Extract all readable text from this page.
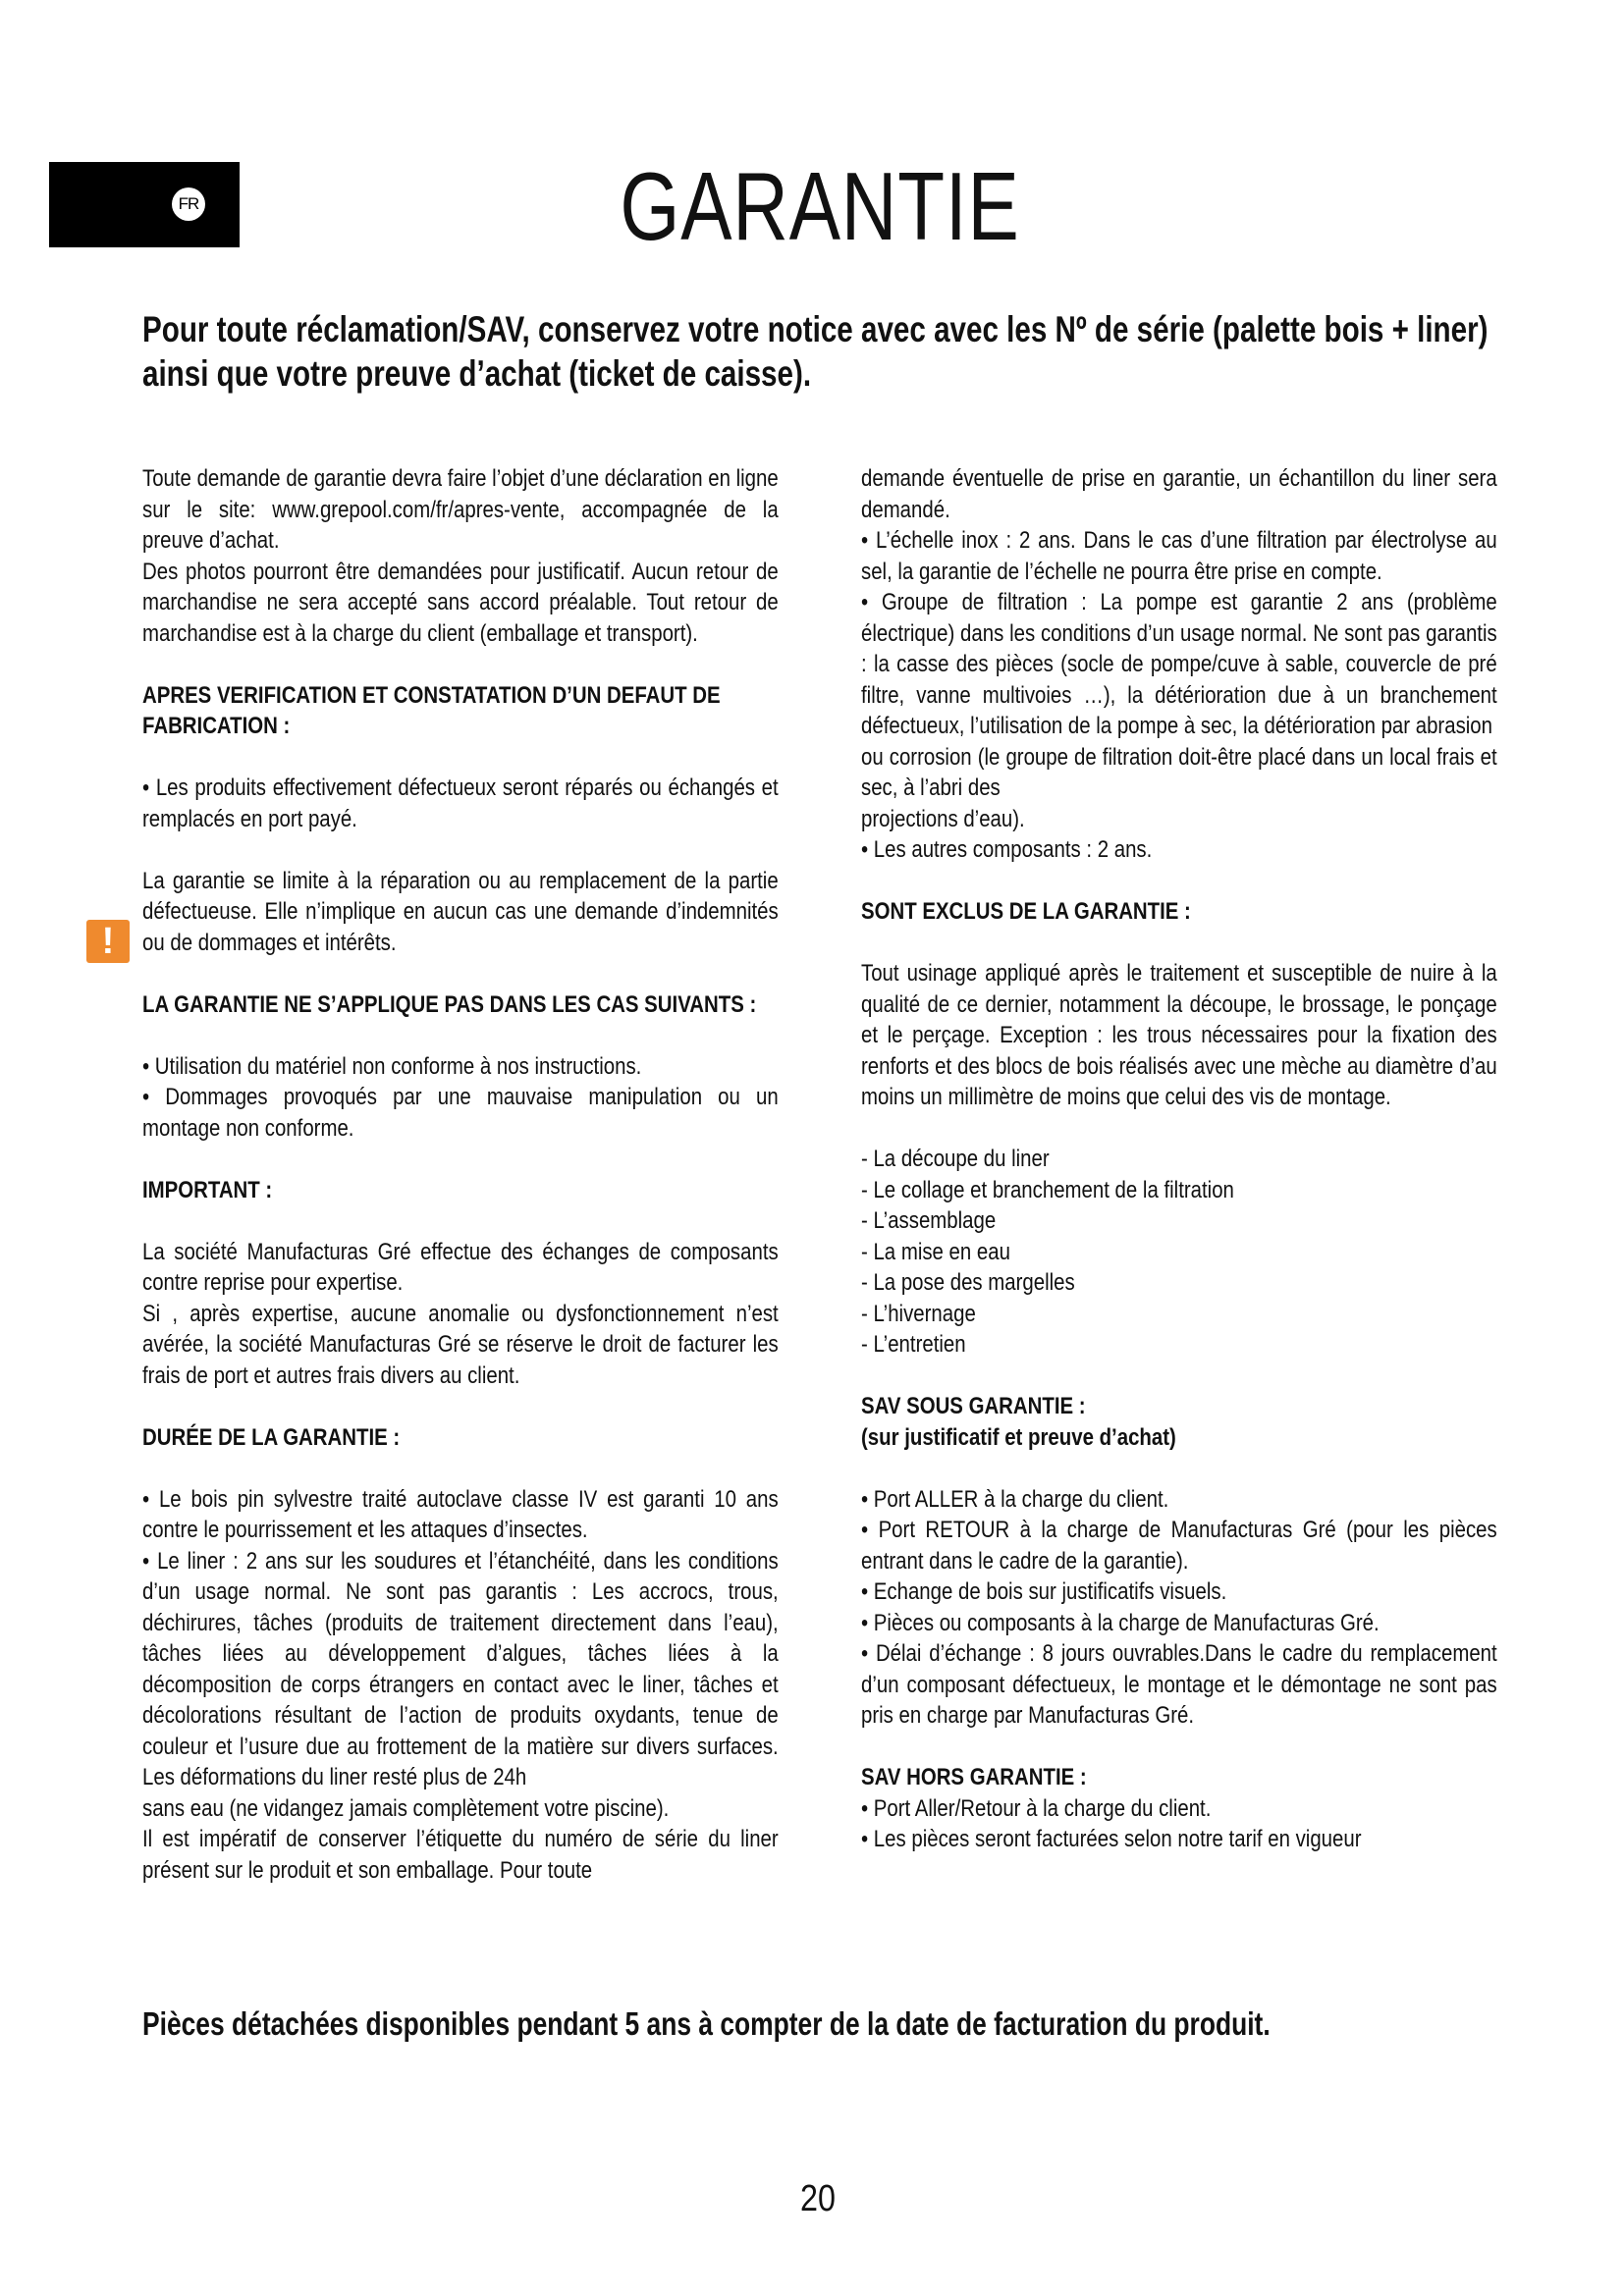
FR	GARANTIE
Pour toute réclamation/SAV, conservez votre notice avec avec les Nº de série (palette bois + liner) ainsi que votre preuve d’achat (ticket de caisse).
!

Toute demande de garantie devra faire l’objet d’une déclaration en ligne sur le site: www.grepool.com/fr/apres-vente, accompagnée de la preuve d’achat.

Des photos pourront être demandées pour justificatif. Aucun retour de marchandise ne sera accepté sans accord préalable. Tout retour de marchandise est à la charge du client (emballage et transport).

APRES VERIFICATION ET CONSTATATION D’UN DEFAUT DE FABRICATION :

• Les produits effectivement défectueux seront réparés ou échangés et remplacés en port payé.

La garantie se limite à la réparation ou au remplacement de la partie défectueuse. Elle n’implique en aucun cas une demande d’indemnités ou de dommages et intérêts.

LA GARANTIE NE S’APPLIQUE PAS DANS LES CAS SUIVANTS :

• Utilisation du matériel non conforme à nos instructions.

• Dommages provoqués par une mauvaise manipulation ou un montage non conforme.

IMPORTANT :

La société Manufacturas Gré effectue des échanges de composants contre reprise pour expertise.

Si , après expertise, aucune anomalie ou dysfonctionnement n’est avérée, la société Manufacturas Gré se réserve le droit de facturer les frais de port et autres frais divers au client.

DURÉE DE LA GARANTIE :

• Le bois pin sylvestre traité autoclave classe IV est garanti 10 ans contre le pourrissement et les attaques d’insectes.

• Le liner : 2 ans sur les soudures et l’étanchéité, dans les conditions d’un usage normal. Ne sont pas garantis : Les accrocs, trous, déchirures, tâches (produits de traitement directement dans l’eau), tâches liées au développement d’algues, tâches liées à la décomposition de corps étrangers en contact avec le liner, tâches et décolorations résultant de l’action de produits oxydants, tenue de couleur et l’usure due au frottement de la matière sur divers surfaces. Les déformations du liner resté plus de 24h
sans eau (ne vidangez jamais complètement votre piscine).

Il est impératif de conserver l’étiquette du numéro de série du liner présent sur le produit et son emballage. Pour toute

demande éventuelle de prise en garantie, un échantillon du liner sera demandé.

• L’échelle inox : 2 ans. Dans le cas d’une filtration par électrolyse au sel, la garantie de l’échelle ne pourra être prise en compte.

• Groupe de filtration : La pompe est garantie 2 ans (problème électrique) dans les conditions d’un usage normal. Ne sont pas garantis : la casse des pièces (socle de pompe/cuve à sable, couvercle de pré filtre, vanne multivoies …), la détérioration due à un branchement défectueux, l’utilisation de la pompe à sec, la détérioration par abrasion
ou corrosion (le groupe de filtration doit-être placé dans un local frais et sec, à l’abri des
projections d’eau).

• Les autres composants : 2 ans.

SONT EXCLUS DE LA GARANTIE :

Tout usinage appliqué après le traitement et susceptible de nuire à la qualité de ce dernier, notamment la découpe, le brossage, le ponçage et le perçage. Exception : les trous nécessaires pour la fixation des renforts et des blocs de bois réalisés avec une mèche au diamètre d’au moins un millimètre de moins que celui des vis de montage.

- La découpe du liner

- Le collage et branchement de la filtration

- L’assemblage

- La mise en eau

- La pose des margelles

- L’hivernage

- L’entretien

SAV SOUS GARANTIE :
(sur justificatif et preuve d’achat)

• Port ALLER à la charge du client.

• Port RETOUR à la charge de Manufacturas Gré (pour les pièces entrant dans le cadre de la garantie).

• Echange de bois sur justificatifs visuels.

• Pièces ou composants à la charge de Manufacturas Gré.

• Délai d’échange : 8 jours ouvrables.Dans le cadre du remplacement d’un composant défectueux, le montage et le démontage ne sont pas pris en charge par Manufacturas Gré.

SAV HORS GARANTIE :

• Port Aller/Retour à la charge du client.

• Les pièces seront facturées selon notre tarif en vigueur

Pièces détachées disponibles pendant 5 ans à compter de la date de facturation du produit.
20
